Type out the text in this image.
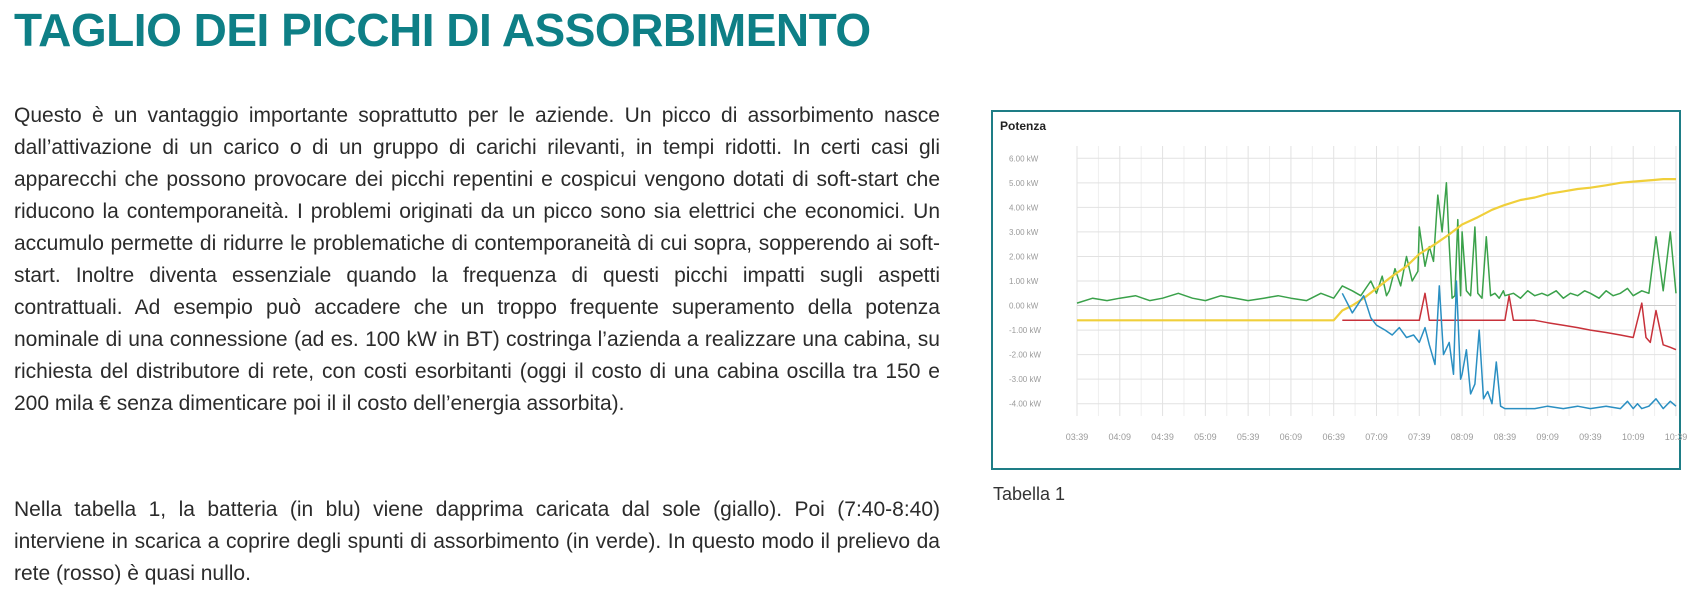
TAGLIO DEI PICCHI DI ASSORBIMENTO

Questo è un vantaggio importante soprattutto per le aziende. Un picco di assorbimento nasce dall’attivazione di un carico o di un gruppo di carichi rilevanti, in tempi ridotti. In certi casi gli apparecchi che possono provocare dei picchi repentini e cospicui vengono dotati di soft-start che riducono la contemporaneità. I problemi originati da un picco sono sia elettrici che economici. Un accumulo permette di ridurre le problematiche di contemporaneità di cui sopra, sopperendo ai soft-start. Inoltre diventa essenziale quando la frequenza di questi picchi impatti sugli aspetti contrattuali. Ad esempio può accadere che un troppo frequente superamento della potenza nominale di una connessione (ad es. 100 kW in BT) costringa l’azienda a realizzare una cabina, su richiesta del distributore di rete, con costi esorbitanti (oggi il costo di una cabina oscilla tra 150 e 200 mila € senza dimenticare poi il il costo dell’energia assorbita).

Nella tabella 1, la batteria (in blu) viene dapprima caricata dal sole (giallo). Poi (7:40-8:40) interviene in scarica a coprire degli spunti di assorbimento (in verde). In questo modo il prelievo da rete (rosso) è quasi nullo.

Potenza
6.00 kW
5.00 kW
4.00 kW
3.00 kW
2.00 kW
1.00 kW
0.00 kW
-1.00 kW
-2.00 kW
-3.00 kW
-4.00 kW
03:39 04:09 04:39 05:09 05:39 06:09 06:39 07:09 07:39 08:09 08:39 09:09 09:39 10:09 10:39
Tabella 1
